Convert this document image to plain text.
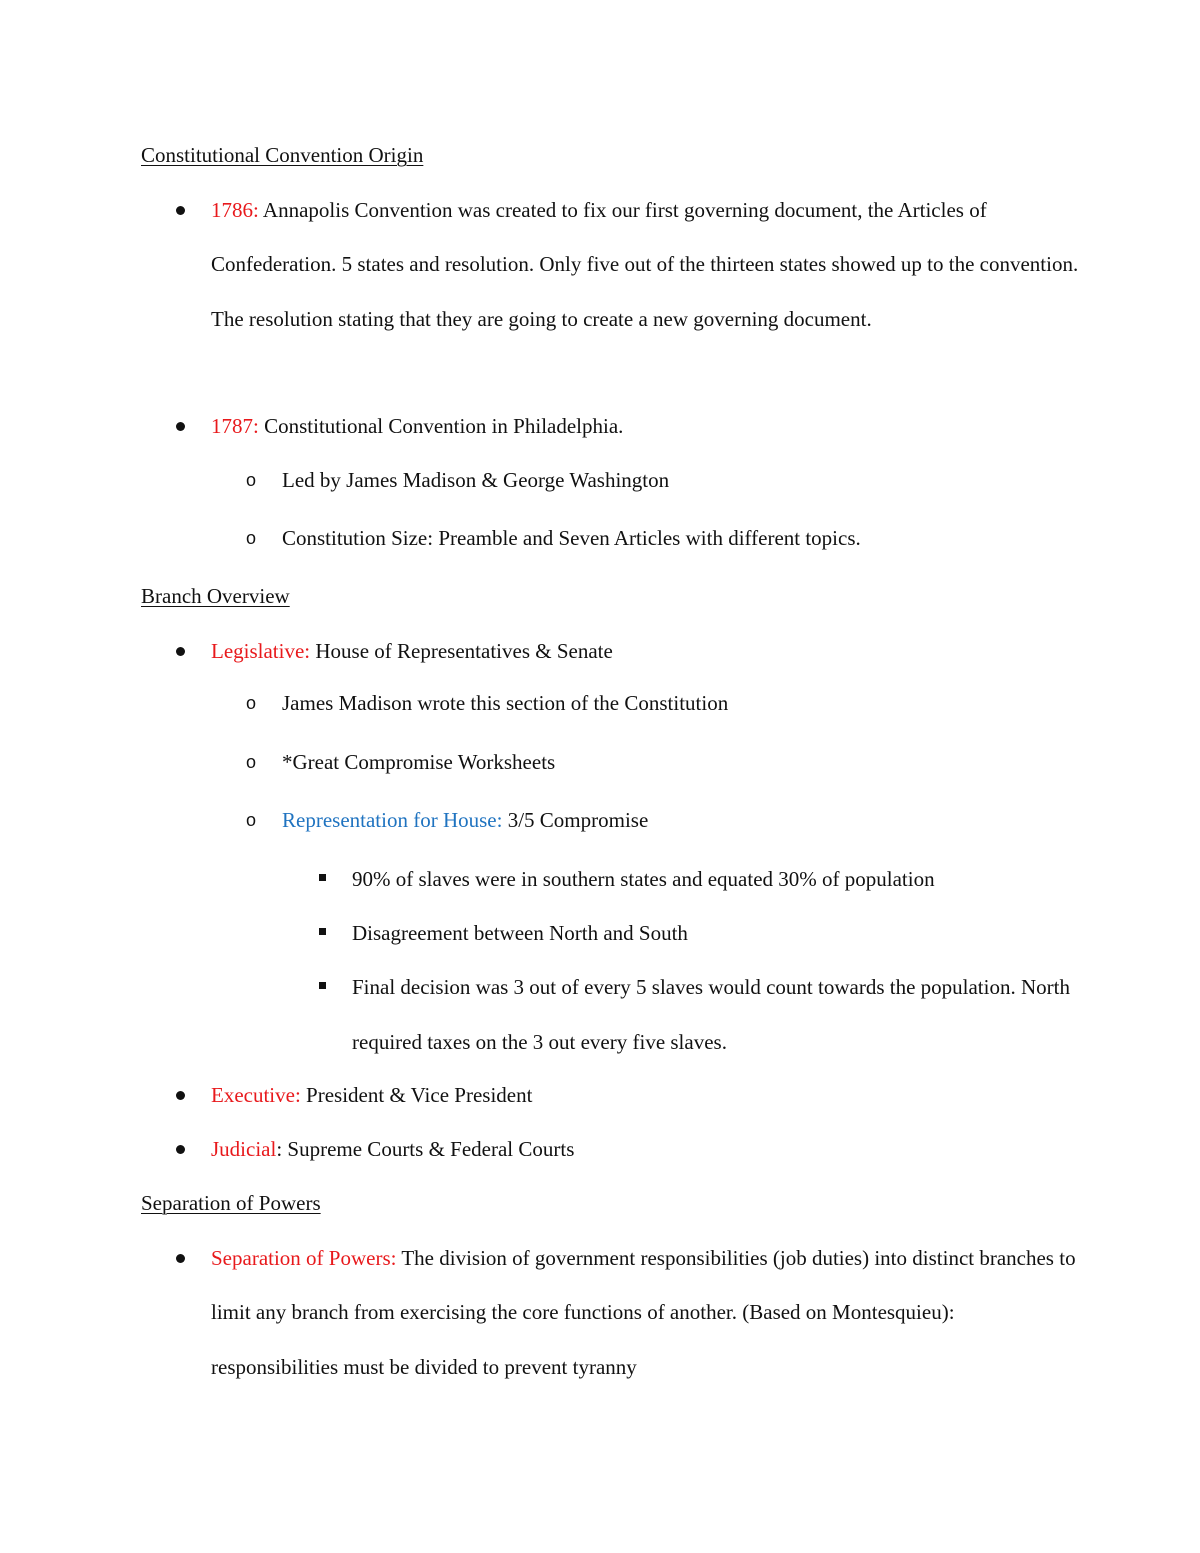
Constitutional Convention Origin
1786: Annapolis Convention was created to fix our first governing document, the Articles of Confederation. 5 states and resolution. Only five out of the thirteen states showed up to the convention. The resolution stating that they are going to create a new governing document.
1787: Constitutional Convention in Philadelphia.
o Led by James Madison & George Washington
o Constitution Size: Preamble and Seven Articles with different topics.
Branch Overview
Legislative: House of Representatives & Senate
o James Madison wrote this section of the Constitution
o *Great Compromise Worksheets
o Representation for House: 3/5 Compromise
90% of slaves were in southern states and equated 30% of population
Disagreement between North and South
Final decision was 3 out of every 5 slaves would count towards the population. North required taxes on the 3 out every five slaves.
Executive: President & Vice President
Judicial: Supreme Courts & Federal Courts
Separation of Powers
Separation of Powers: The division of government responsibilities (job duties) into distinct branches to limit any branch from exercising the core functions of another. (Based on Montesquieu): responsibilities must be divided to prevent tyranny
